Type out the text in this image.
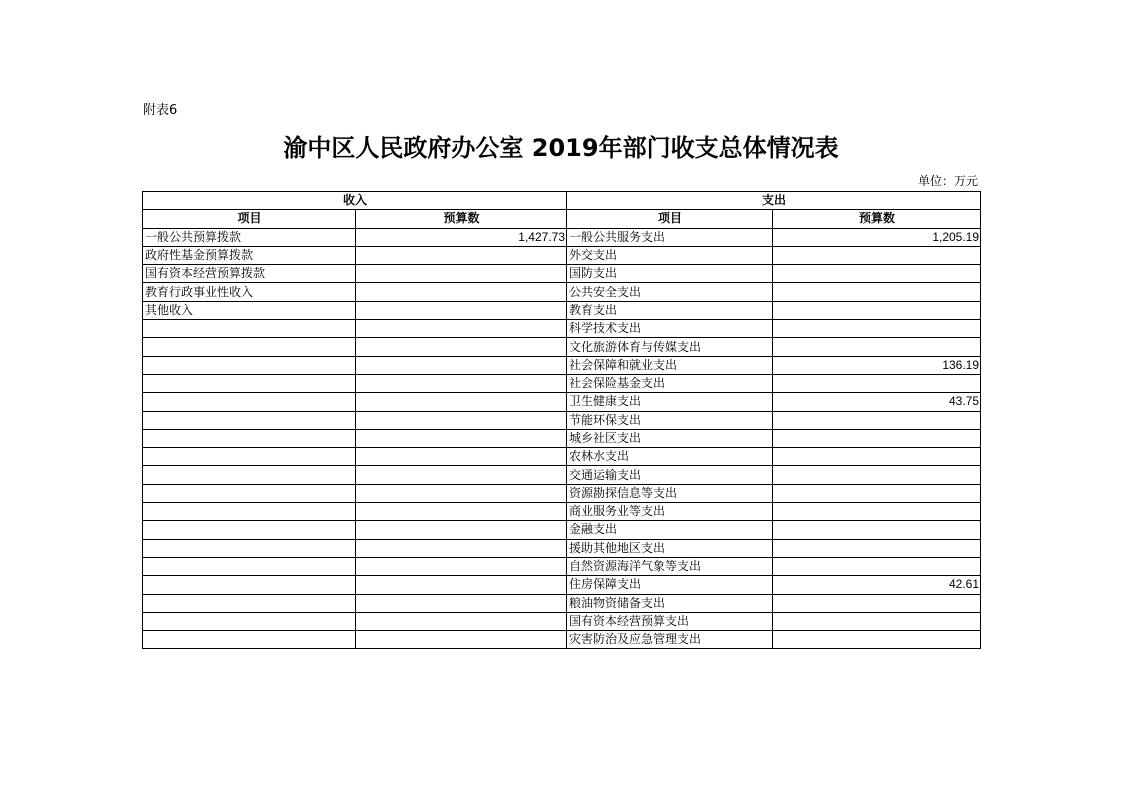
附表6
渝中区人民政府办公室 2019年部门收支总体情况表
单位：万元
收入		支出	
项目	预算数	项目	预算数
一般公共预算拨款	1,427.73	一般公共服务支出	1,205.19
政府性基金预算拨款		外交支出	
国有资本经营预算拨款		国防支出	
教育行政事业性收入		公共安全支出	
其他收入		教育支出	
		科学技术支出	
		文化旅游体育与传媒支出	
		社会保障和就业支出	136.19
		社会保险基金支出	
		卫生健康支出	43.75
		节能环保支出	
		城乡社区支出	
		农林水支出	
		交通运输支出	
		资源勘探信息等支出	
		商业服务业等支出	
		金融支出	
		援助其他地区支出	
		自然资源海洋气象等支出	
		住房保障支出	42.61
		粮油物资储备支出	
		国有资本经营预算支出	
		灾害防治及应急管理支出	
